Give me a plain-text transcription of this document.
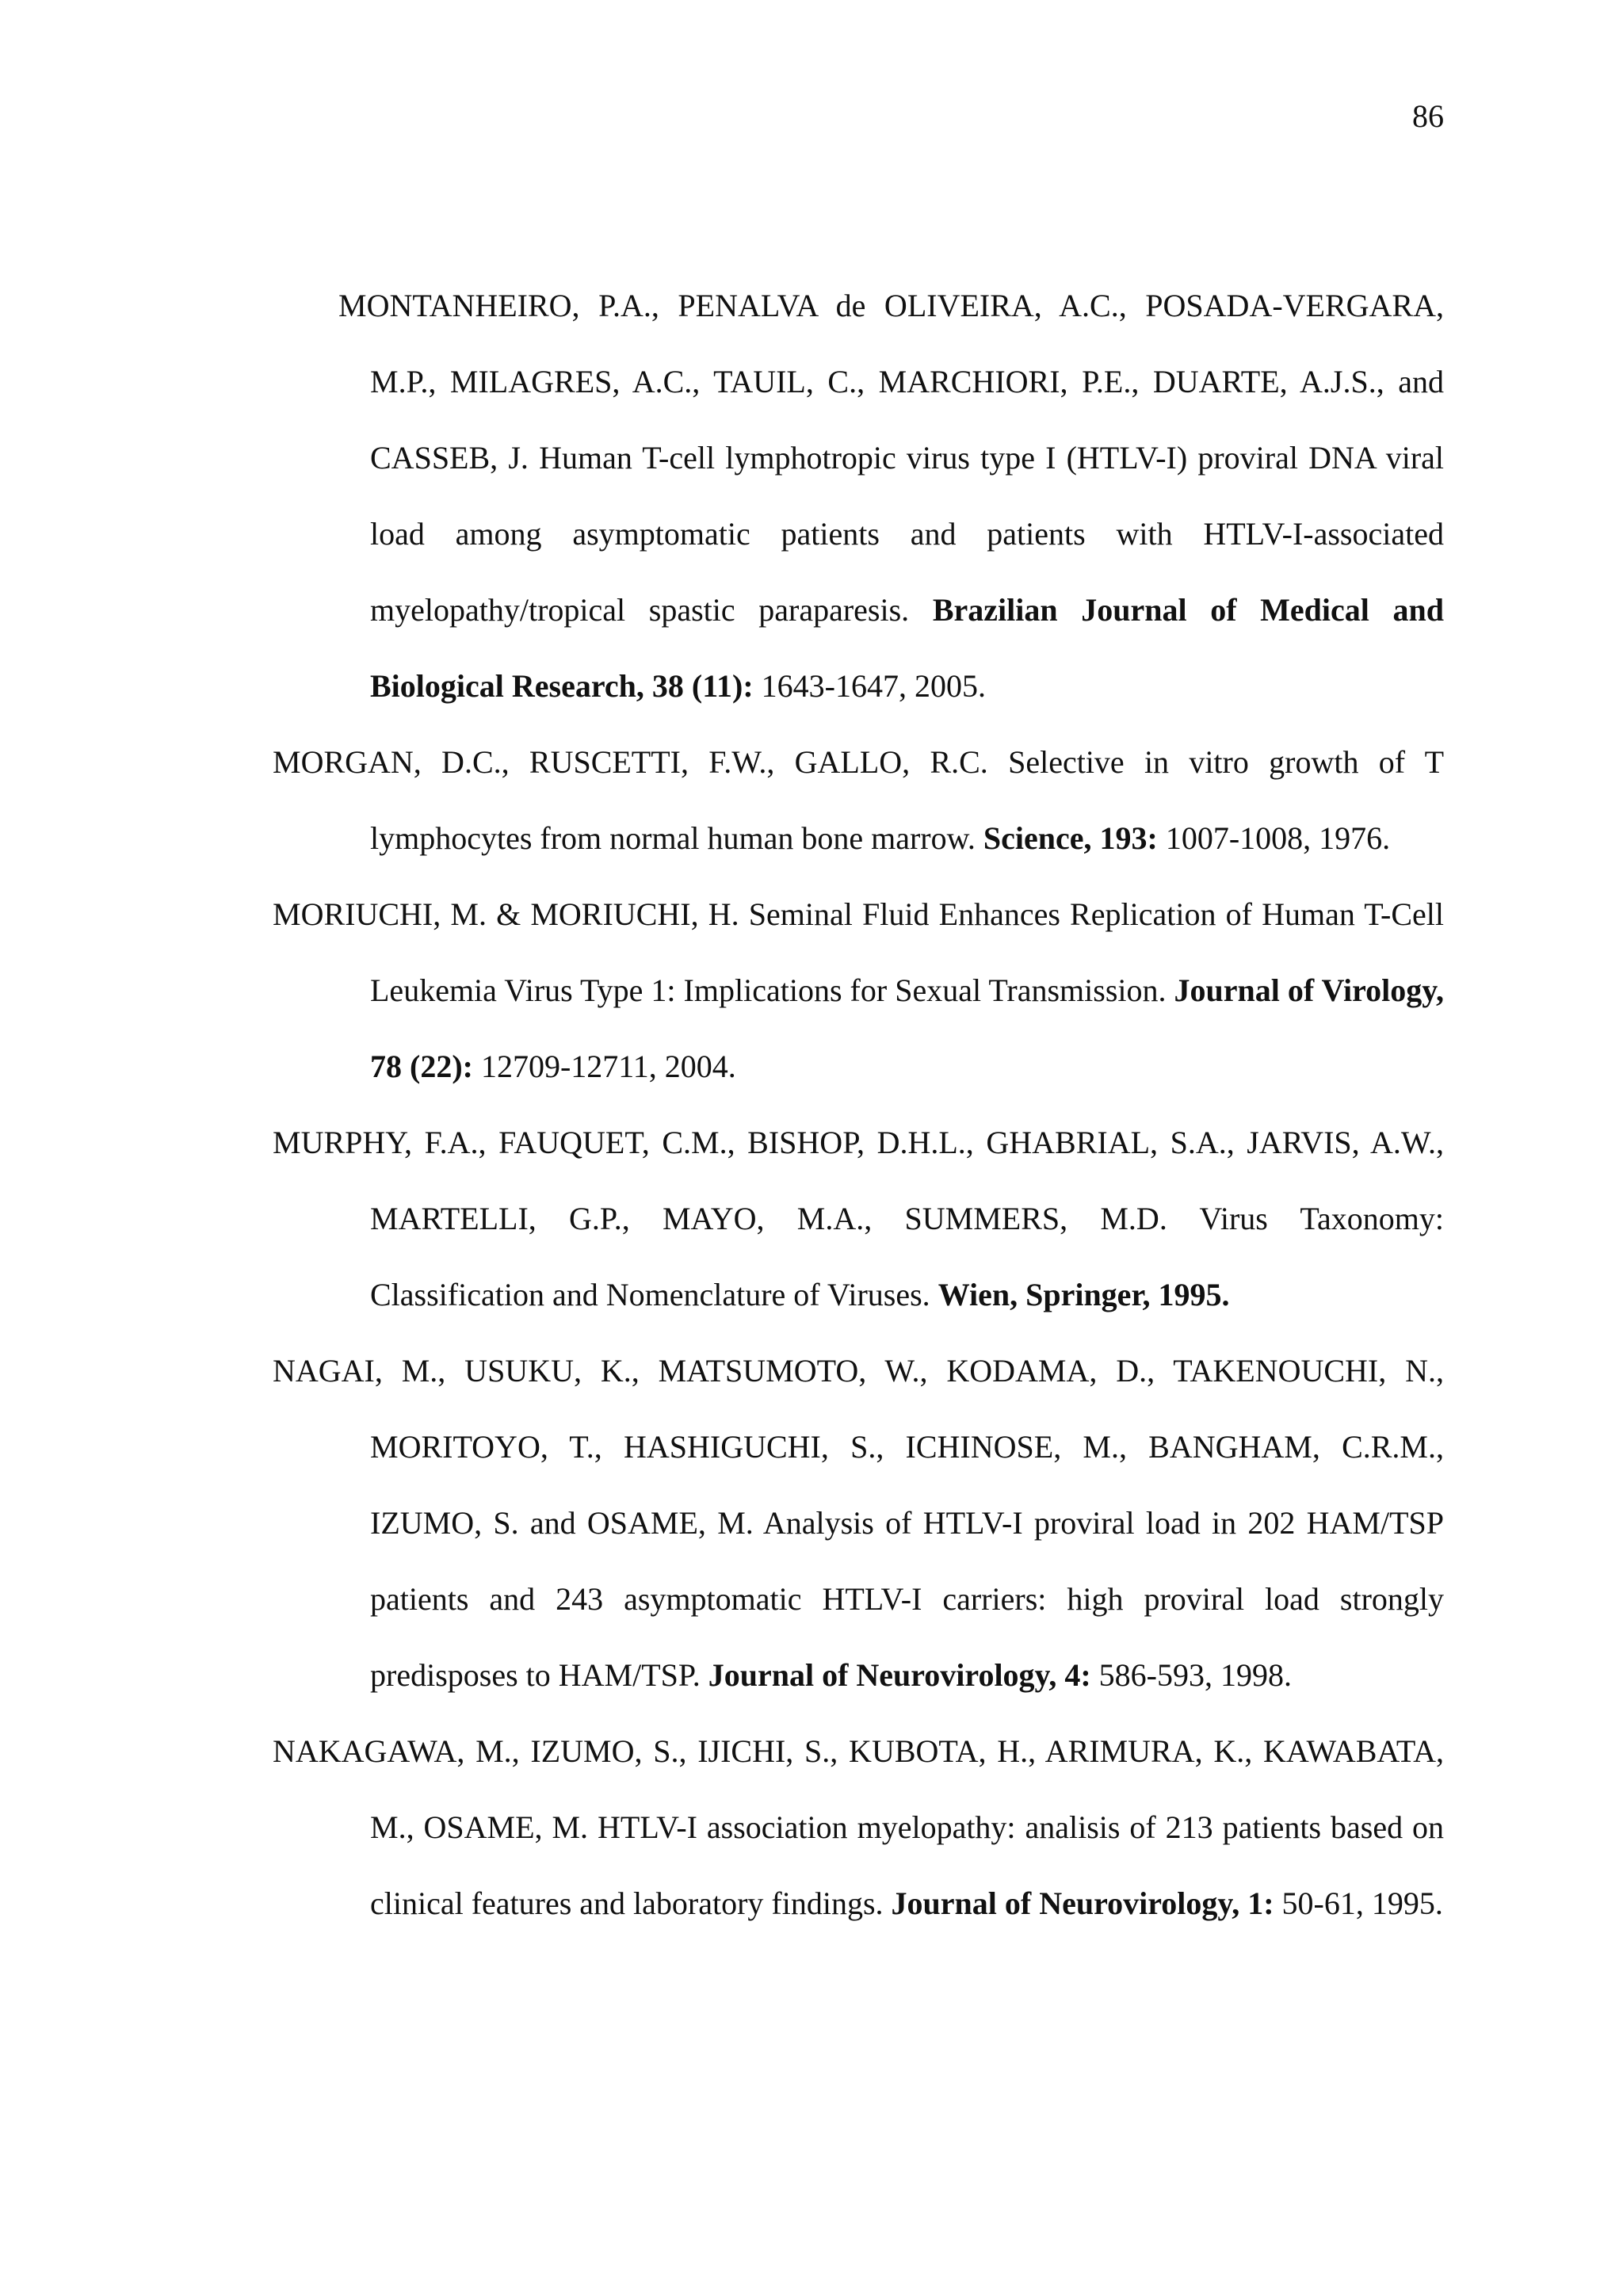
86
MONTANHEIRO, P.A., PENALVA de OLIVEIRA, A.C., POSADA-VERGARA, M.P., MILAGRES, A.C., TAUIL, C., MARCHIORI, P.E., DUARTE, A.J.S., and CASSEB, J. Human T-cell lymphotropic virus type I (HTLV-I) proviral DNA viral load among asymptomatic patients and patients with HTLV-I-associated myelopathy/tropical spastic paraparesis. Brazilian Journal of Medical and Biological Research, 38 (11): 1643-1647, 2005.
MORGAN, D.C., RUSCETTI, F.W., GALLO, R.C. Selective in vitro growth of T lymphocytes from normal human bone marrow. Science, 193: 1007-1008, 1976.
MORIUCHI, M. & MORIUCHI, H. Seminal Fluid Enhances Replication of Human T-Cell Leukemia Virus Type 1: Implications for Sexual Transmission. Journal of Virology, 78 (22): 12709-12711, 2004.
MURPHY, F.A., FAUQUET, C.M., BISHOP, D.H.L., GHABRIAL, S.A., JARVIS, A.W., MARTELLI, G.P., MAYO, M.A., SUMMERS, M.D. Virus Taxonomy: Classification and Nomenclature of Viruses. Wien, Springer, 1995.
NAGAI, M., USUKU, K., MATSUMOTO, W., KODAMA, D., TAKENOUCHI, N., MORITOYO, T., HASHIGUCHI, S., ICHINOSE, M., BANGHAM, C.R.M., IZUMO, S. and OSAME, M. Analysis of HTLV-I proviral load in 202 HAM/TSP patients and 243 asymptomatic HTLV-I carriers: high proviral load strongly predisposes to HAM/TSP. Journal of Neurovirology, 4: 586-593, 1998.
NAKAGAWA, M., IZUMO, S., IJICHI, S., KUBOTA, H., ARIMURA, K., KAWABATA, M., OSAME, M. HTLV-I association myelopathy: analisis of 213 patients based on clinical features and laboratory findings. Journal of Neurovirology, 1: 50-61, 1995.
